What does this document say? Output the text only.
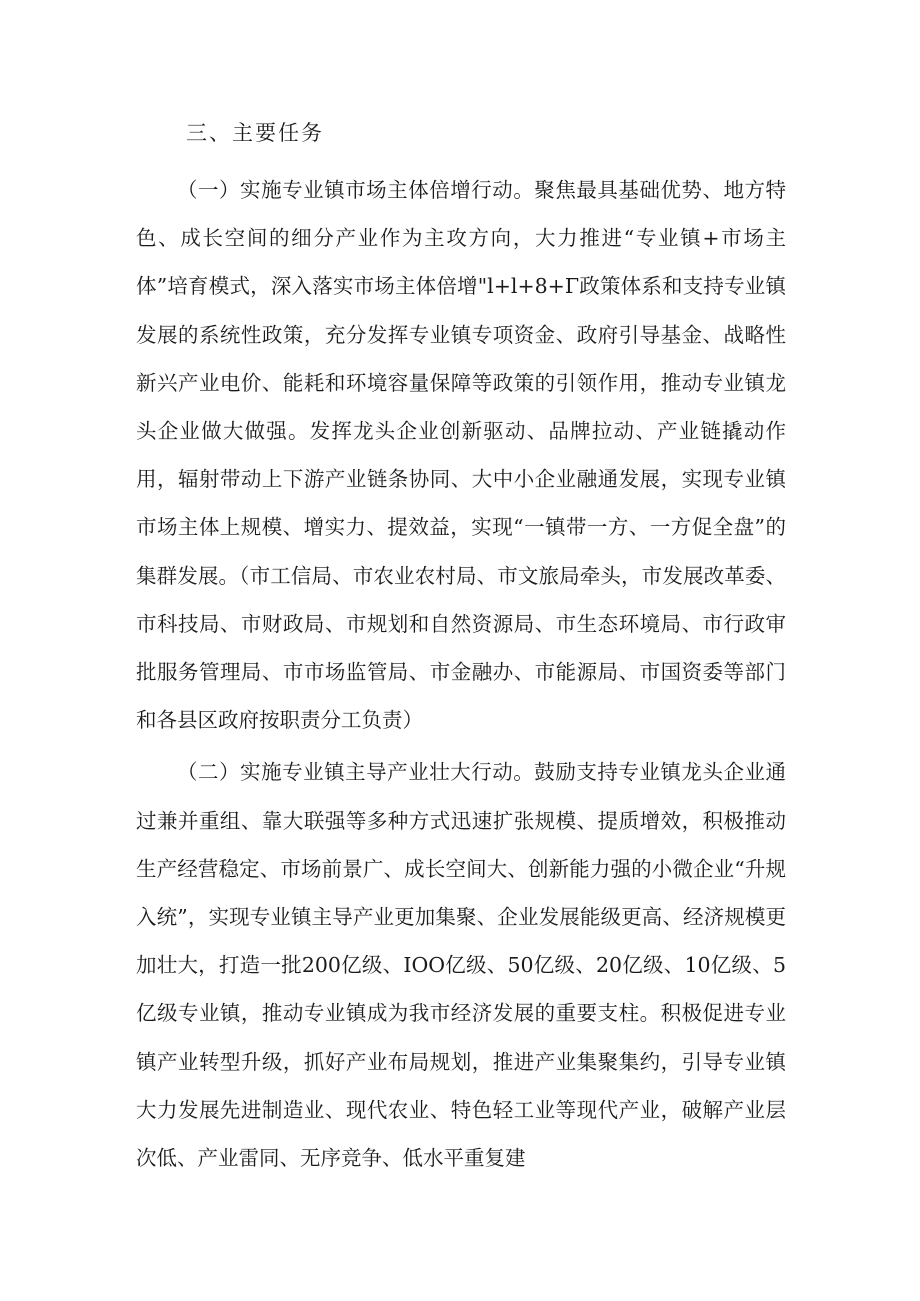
三、主要任务

（一）实施专业镇市场主体倍增行动。聚焦最具基础优势、地方特色、成长空间的细分产业作为主攻方向，大力推进“专业镇+市场主体”培育模式，深入落实市场主体倍增"l+l+8+Γ政策体系和支持专业镇发展的系统性政策，充分发挥专业镇专项资金、政府引导基金、战略性新兴产业电价、能耗和环境容量保障等政策的引领作用，推动专业镇龙头企业做大做强。发挥龙头企业创新驱动、品牌拉动、产业链撬动作用，辐射带动上下游产业链条协同、大中小企业融通发展，实现专业镇市场主体上规模、增实力、提效益，实现“一镇带一方、一方促全盘”的集群发展。（市工信局、市农业农村局、市文旅局牵头，市发展改革委、市科技局、市财政局、市规划和自然资源局、市生态环境局、市行政审批服务管理局、市市场监管局、市金融办、市能源局、市国资委等部门和各县区政府按职责分工负责）

（二）实施专业镇主导产业壮大行动。鼓励支持专业镇龙头企业通过兼并重组、靠大联强等多种方式迅速扩张规模、提质增效，积极推动生产经营稳定、市场前景广、成长空间大、创新能力强的小微企业“升规入统”，实现专业镇主导产业更加集聚、企业发展能级更高、经济规模更加壮大，打造一批200亿级、IOO亿级、50亿级、20亿级、10亿级、5亿级专业镇，推动专业镇成为我市经济发展的重要支柱。积极促进专业镇产业转型升级，抓好产业布局规划，推进产业集聚集约，引导专业镇大力发展先进制造业、现代农业、特色轻工业等现代产业，破解产业层次低、产业雷同、无序竞争、低水平重复建
